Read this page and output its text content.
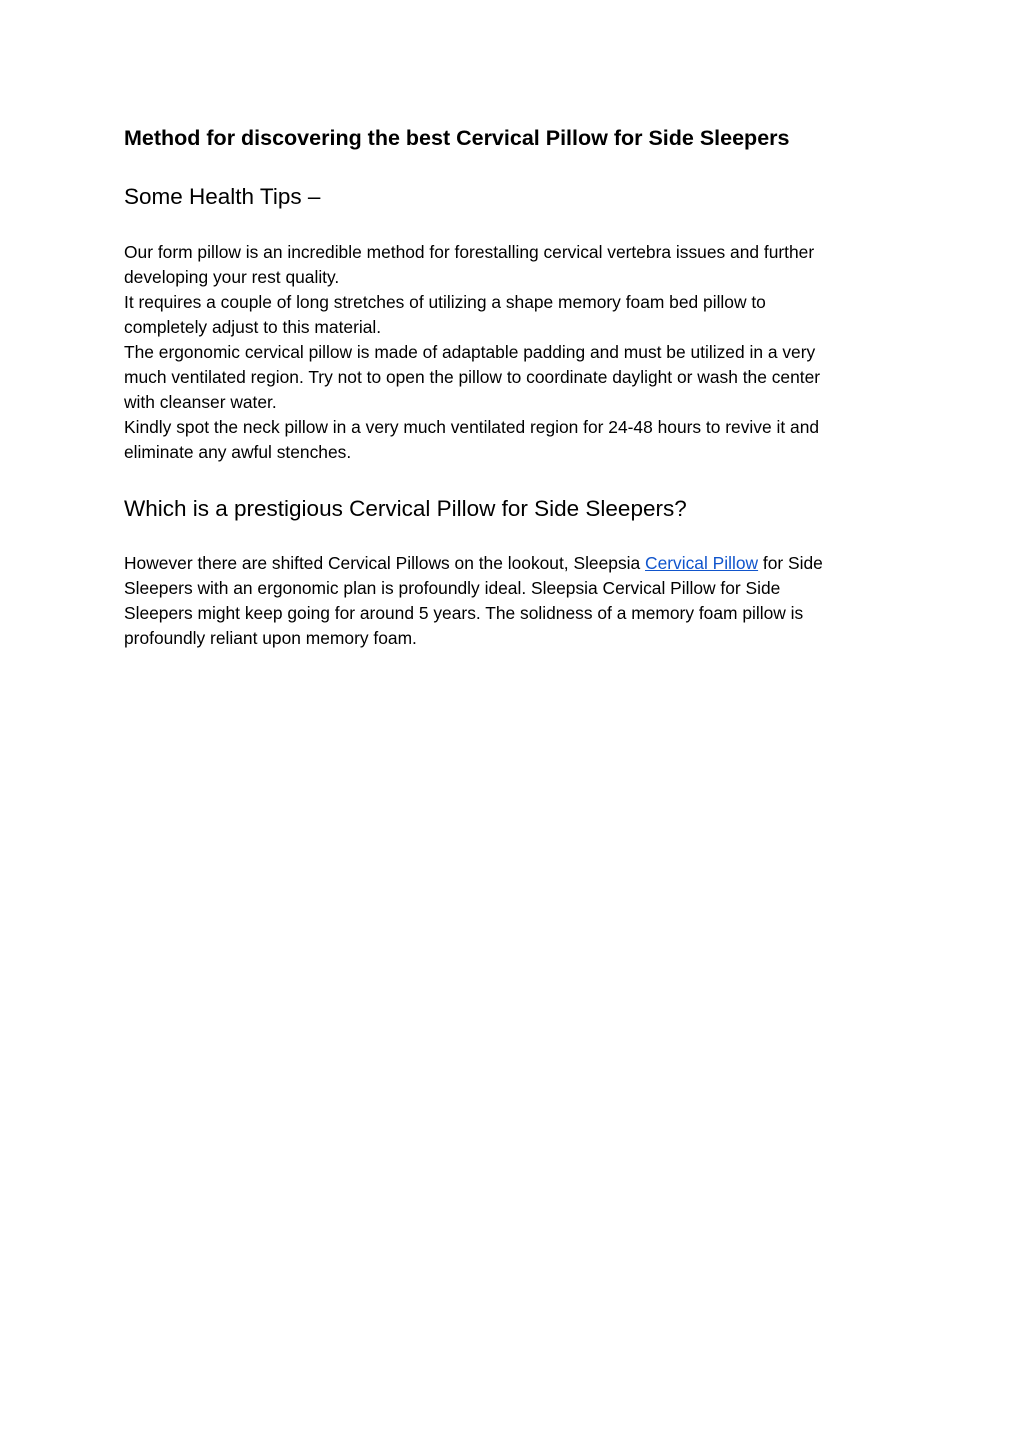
Method for discovering the best Cervical Pillow for Side Sleepers
Some Health Tips –

Our form pillow is an incredible method for forestalling cervical vertebra issues and further
developing your rest quality.
It requires a couple of long stretches of utilizing a shape memory foam bed pillow to
completely adjust to this material.
The ergonomic cervical pillow is made of adaptable padding and must be utilized in a very
much ventilated region. Try not to open the pillow to coordinate daylight or wash the center
with cleanser water.
Kindly spot the neck pillow in a very much ventilated region for 24-48 hours to revive it and
eliminate any awful stenches.

Which is a prestigious Cervical Pillow for Side Sleepers?

However there are shifted Cervical Pillows on the lookout, Sleepsia Cervical Pillow for Side
Sleepers with an ergonomic plan is profoundly ideal. Sleepsia Cervical Pillow for Side
Sleepers might keep going for around 5 years. The solidness of a memory foam pillow is
profoundly reliant upon memory foam.
